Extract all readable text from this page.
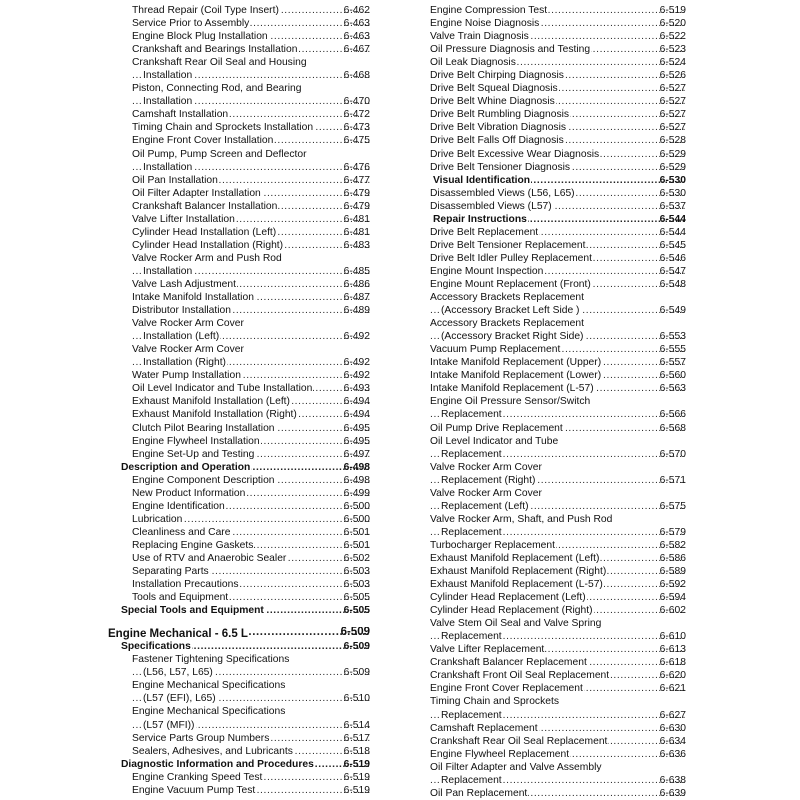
Thread Repair (Coil Type Insert)	6-462
.....
Service Prior to Assembly	6-463
.....
Engine Block Plug Installation	6-463
.....
Crankshaft and Bearings Installation	6-467
.....
Crankshaft Rear Oil Seal and Housing
Installation	6-468
.....
Piston, Connecting Rod, and Bearing
Installation	6-470
.....
Camshaft Installation	6-472
.....
Timing Chain and Sprockets Installation	6-473
.....
Engine Front Cover Installation	6-475
.....
Oil Pump, Pump Screen and Deflector
Installation	6-476
.....
Oil Pan Installation	6-477
.....
Oil Filter Adapter Installation	6-479
.....
Crankshaft Balancer Installation	6-479
.....
Valve Lifter Installation	6-481
.....
Cylinder Head Installation (Left)	6-481
.....
Cylinder Head Installation (Right)	6-483
.....
Valve Rocker Arm and Push Rod
Installation	6-485
.....
Valve Lash Adjustment	6-486
.....
Intake Manifold Installation	6-487
.....
Distributor Installation	6-489
.....
Valve Rocker Arm Cover
Installation (Left)	6-492
.....
Valve Rocker Arm Cover
Installation (Right)	6-492
.....
Water Pump Installation	6-492
.....
Oil Level Indicator and Tube Installation	6-493
.....
Exhaust Manifold Installation (Left)	6-494
.....
Exhaust Manifold Installation (Right)	6-494
.....
Clutch Pilot Bearing Installation	6-495
.....
Engine Flywheel Installation	6-495
.....
Engine Set-Up and Testing	6-497
.....
Description and Operation	6-498
.....
Engine Component Description	6-498
.....
New Product Information	6-499
.....
Engine Identification	6-500
.....
Lubrication	6-500
.....
Cleanliness and Care	6-501
.....
Replacing Engine Gaskets	6-501
.....
Use of RTV and Anaerobic Sealer	6-502
.....
Separating Parts	6-503
.....
Installation Precautions	6-503
.....
Tools and Equipment	6-505
.....
Special Tools and Equipment	6-505
.....
Engine Mechanical - 6.5 L	6-509
.....
Specifications	6-509
.....
Fastener Tightening Specifications
(L56, L57, L65)	6-509
.....
Engine Mechanical Specifications
(L57 (EFI), L65)	6-510
.....
Engine Mechanical Specifications
(L57 (MFI))	6-514
.....
Service Parts Group Numbers	6-517
.....
Sealers, Adhesives, and Lubricants	6-518
.....
Diagnostic Information and Procedures	6-519
.....
Engine Cranking Speed Test	6-519
.....
Engine Vacuum Pump Test	6-519
.....
Engine Compression Test	6-519
.....
Engine Noise Diagnosis	6-520
.....
Valve Train Diagnosis	6-522
.....
Oil Pressure Diagnosis and Testing	6-523
.....
Oil Leak Diagnosis	6-524
.....
Drive Belt Chirping Diagnosis	6-526
.....
Drive Belt Squeal Diagnosis	6-527
.....
Drive Belt Whine Diagnosis	6-527
.....
Drive Belt Rumbling Diagnosis	6-527
.....
Drive Belt Vibration Diagnosis	6-527
.....
Drive Belt Falls Off Diagnosis	6-528
.....
Drive Belt Excessive Wear Diagnosis	6-529
.....
Drive Belt Tensioner Diagnosis	6-529
.....
Visual Identification	6-530
.....
Disassembled Views (L56, L65)	6-530
.....
Disassembled Views (L57)	6-537
.....
Repair Instructions	6-544
.....
Drive Belt Replacement	6-544
.....
Drive Belt Tensioner Replacement	6-545
.....
Drive Belt Idler Pulley Replacement	6-546
.....
Engine Mount Inspection	6-547
.....
Engine Mount Replacement (Front)	6-548
.....
Accessory Brackets Replacement
(Accessory Bracket Left Side )	6-549
.....
Accessory Brackets Replacement
(Accessory Bracket Right Side)	6-553
.....
Vacuum Pump Replacement	6-555
.....
Intake Manifold Replacement (Upper)	6-557
.....
Intake Manifold Replacement (Lower)	6-560
.....
Intake Manifold Replacement (L-57)	6-563
.....
Engine Oil Pressure Sensor/Switch
Replacement	6-566
.....
Oil Pump Drive Replacement	6-568
.....
Oil Level Indicator and Tube
Replacement	6-570
.....
Valve Rocker Arm Cover
Replacement (Right)	6-571
.....
Valve Rocker Arm Cover
Replacement (Left)	6-575
.....
Valve Rocker Arm, Shaft, and Push Rod
Replacement	6-579
.....
Turbocharger Replacement	6-582
.....
Exhaust Manifold Replacement (Left)	6-586
.....
Exhaust Manifold Replacement (Right)	6-589
.....
Exhaust Manifold Replacement (L-57)	6-592
.....
Cylinder Head Replacement (Left)	6-594
.....
Cylinder Head Replacement (Right)	6-602
.....
Valve Stem Oil Seal and Valve Spring
Replacement	6-610
.....
Valve Lifter Replacement	6-613
.....
Crankshaft Balancer Replacement	6-618
.....
Crankshaft Front Oil Seal Replacement	6-620
.....
Engine Front Cover Replacement	6-621
.....
Timing Chain and Sprockets
Replacement	6-627
.....
Camshaft Replacement	6-630
.....
Crankshaft Rear Oil Seal Replacement	6-634
.....
Engine Flywheel Replacement	6-636
.....
Oil Filter Adapter and Valve Assembly
Replacement	6-638
.....
Oil Pan Replacement	6-639
.....
